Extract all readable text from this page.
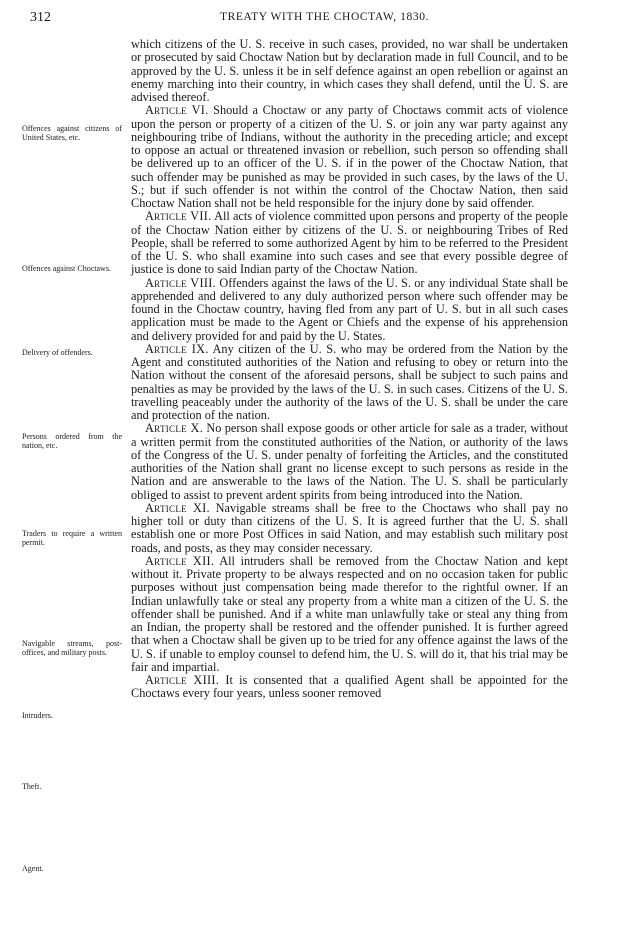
312	TREATY WITH THE CHOCTAW, 1830.
Offences against citizens of United States, etc.
Offences against Choctaws.
Delivery of offenders.
Persons ordered from the nation, etc.
Traders to require a written permit.
Navigable streams, post-offices, and military posts.
Intruders.
Theft.
Agent.

which citizens of the U. S. receive in such cases, provided, no war shall be undertaken or prosecuted by said Choctaw Nation but by declaration made in full Council, and to be approved by the U. S. unless it be in self defence against an open rebellion or against an enemy marching into their country, in which cases they shall defend, until the U. S. are advised thereof.

Article VI. Should a Choctaw or any party of Choctaws commit acts of violence upon the person or property of a citizen of the U. S. or join any war party against any neighbouring tribe of Indians, without the authority in the preceding article; and except to oppose an actual or threatened invasion or rebellion, such person so offending shall be delivered up to an officer of the U. S. if in the power of the Choctaw Nation, that such offender may be punished as may be provided in such cases, by the laws of the U. S.; but if such offender is not within the control of the Choctaw Nation, then said Choctaw Nation shall not be held responsible for the injury done by said offender.

Article VII. All acts of violence committed upon persons and property of the people of the Choctaw Nation either by citizens of the U. S. or neighbouring Tribes of Red People, shall be referred to some authorized Agent by him to be referred to the President of the U. S. who shall examine into such cases and see that every possible degree of justice is done to said Indian party of the Choctaw Nation.

Article VIII. Offenders against the laws of the U. S. or any individual State shall be apprehended and delivered to any duly authorized person where such offender may be found in the Choctaw country, having fled from any part of U. S. but in all such cases application must be made to the Agent or Chiefs and the expense of his apprehension and delivery provided for and paid by the U. States.

Article IX. Any citizen of the U. S. who may be ordered from the Nation by the Agent and constituted authorities of the Nation and refusing to obey or return into the Nation without the consent of the aforesaid persons, shall be subject to such pains and penalties as may be provided by the laws of the U. S. in such cases. Citizens of the U. S. travelling peaceably under the authority of the laws of the U. S. shall be under the care and protection of the nation.

Article X. No person shall expose goods or other article for sale as a trader, without a written permit from the constituted authorities of the Nation, or authority of the laws of the Congress of the U. S. under penalty of forfeiting the Articles, and the constituted authorities of the Nation shall grant no license except to such persons as reside in the Nation and are answerable to the laws of the Nation. The U. S. shall be particularly obliged to assist to prevent ardent spirits from being introduced into the Nation.

Article XI. Navigable streams shall be free to the Choctaws who shall pay no higher toll or duty than citizens of the U. S. It is agreed further that the U. S. shall establish one or more Post Offices in said Nation, and may establish such military post roads, and posts, as they may consider necessary.

Article XII. All intruders shall be removed from the Choctaw Nation and kept without it. Private property to be always respected and on no occasion taken for public purposes without just compensation being made therefor to the rightful owner. If an Indian unlawfully take or steal any property from a white man a citizen of the U. S. the offender shall be punished. And if a white man unlawfully take or steal any thing from an Indian, the property shall be restored and the offender punished. It is further agreed that when a Choctaw shall be given up to be tried for any offence against the laws of the U. S. if unable to employ counsel to defend him, the U. S. will do it, that his trial may be fair and impartial.

Article XIII. It is consented that a qualified Agent shall be appointed for the Choctaws every four years, unless sooner removed
